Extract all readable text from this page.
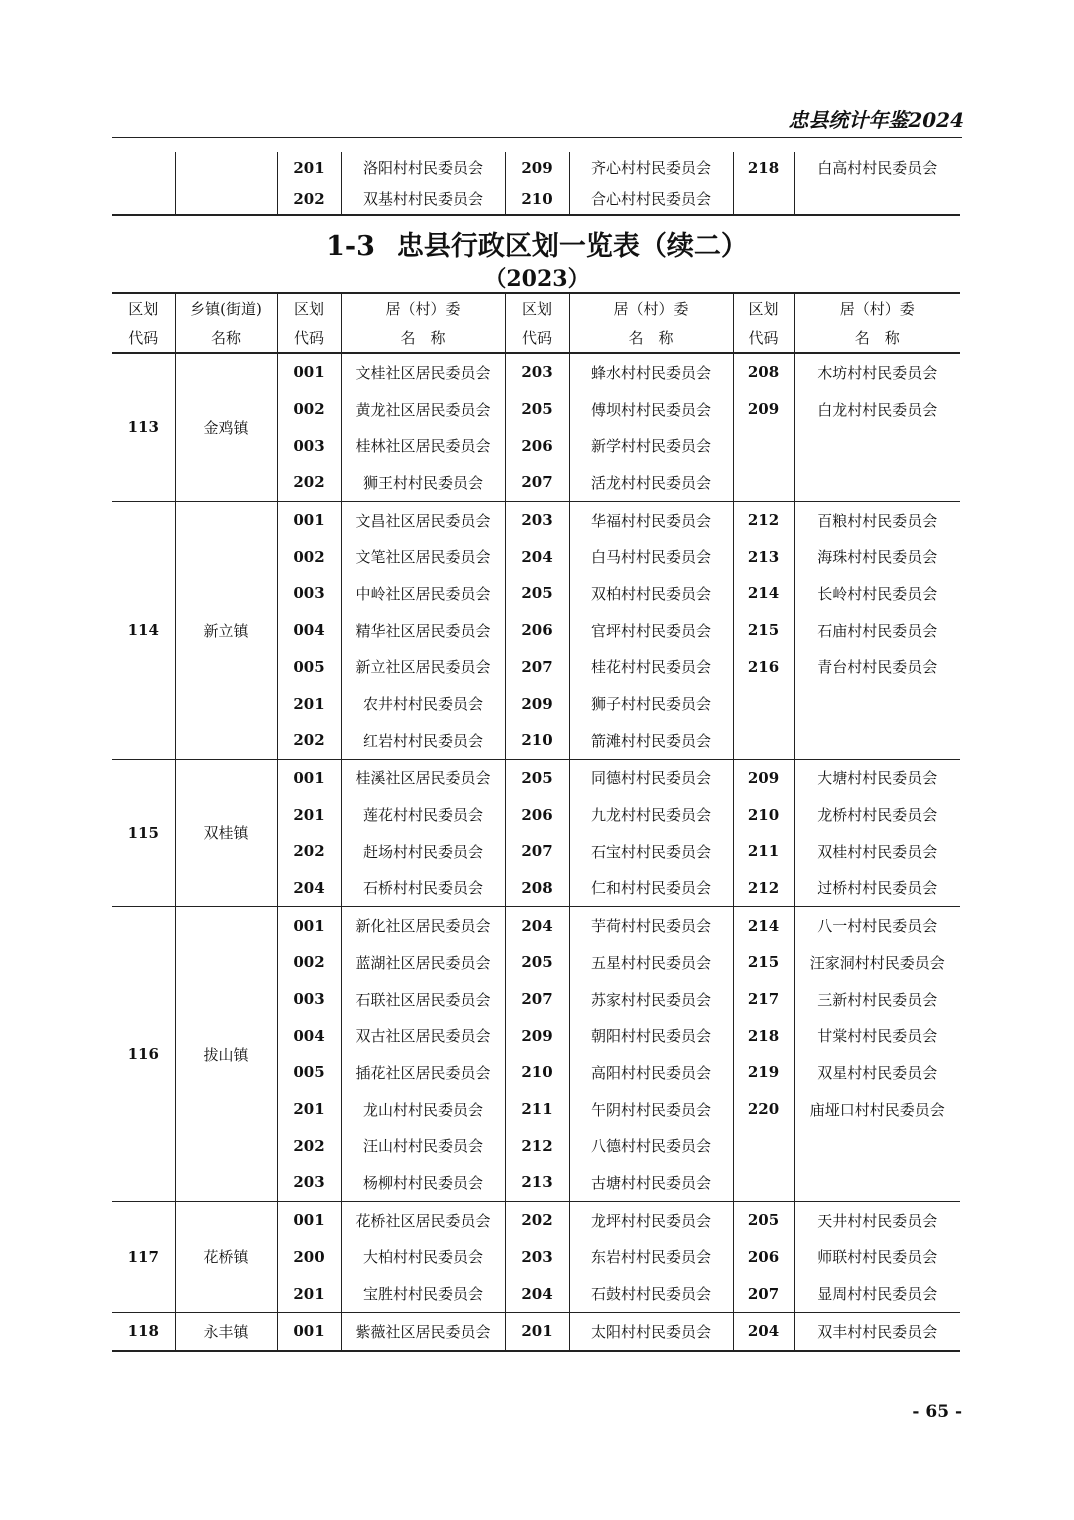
忠县统计年鉴2024
		201	洛阳村村民委员会	209	齐心村村民委员会	218	白高村村民委员会
		202	双基村村民委员会	210	合心村村民委员会		
1-3 忠县行政区划一览表（续二）
（2023）
区划	乡镇(街道)	区划	居（村）委	区划	居（村）委	区划	居（村）委
代码	名称	代码	名　称	代码	名　称	代码	名　称
113	金鸡镇	001	文桂社区居民委员会	203	蜂水村村民委员会	208	木坊村村民委员会
		002	黄龙社区居民委员会	205	傅坝村村民委员会	209	白龙村村民委员会
		003	桂林社区居民委员会	206	新学村村民委员会		
		202	狮王村村民委员会	207	活龙村村民委员会		
114	新立镇	001	文昌社区居民委员会	203	华福村村民委员会	212	百粮村村民委员会
		002	文笔社区居民委员会	204	白马村村民委员会	213	海珠村村民委员会
		003	中岭社区居民委员会	205	双柏村村民委员会	214	长岭村村民委员会
		004	精华社区居民委员会	206	官坪村村民委员会	215	石庙村村民委员会
		005	新立社区居民委员会	207	桂花村村民委员会	216	青台村村民委员会
		201	农井村村民委员会	209	狮子村村民委员会		
		202	红岩村村民委员会	210	箭滩村村民委员会		
115	双桂镇	001	桂溪社区居民委员会	205	同德村村民委员会	209	大塘村村民委员会
		201	莲花村村民委员会	206	九龙村村民委员会	210	龙桥村村民委员会
		202	赶场村村民委员会	207	石宝村村民委员会	211	双桂村村民委员会
		204	石桥村村民委员会	208	仁和村村民委员会	212	过桥村村民委员会
116	拔山镇	001	新化社区居民委员会	204	芋荷村村民委员会	214	八一村村民委员会
		002	蓝湖社区居民委员会	205	五星村村民委员会	215	汪家洞村村民委员会
		003	石联社区居民委员会	207	苏家村村民委员会	217	三新村村民委员会
		004	双古社区居民委员会	209	朝阳村村民委员会	218	甘棠村村民委员会
		005	插花社区居民委员会	210	高阳村村民委员会	219	双星村村民委员会
		201	龙山村村民委员会	211	午阴村村民委员会	220	庙垭口村村民委员会
		202	汪山村村民委员会	212	八德村村民委员会		
		203	杨柳村村民委员会	213	古塘村村民委员会		
117	花桥镇	001	花桥社区居民委员会	202	龙坪村村民委员会	205	天井村村民委员会
		200	大柏村村民委员会	203	东岩村村民委员会	206	师联村村民委员会
		201	宝胜村村民委员会	204	石鼓村村民委员会	207	显周村村民委员会
118	永丰镇	001	紫薇社区居民委员会	201	太阳村村民委员会	204	双丰村村民委员会
- 65 -
